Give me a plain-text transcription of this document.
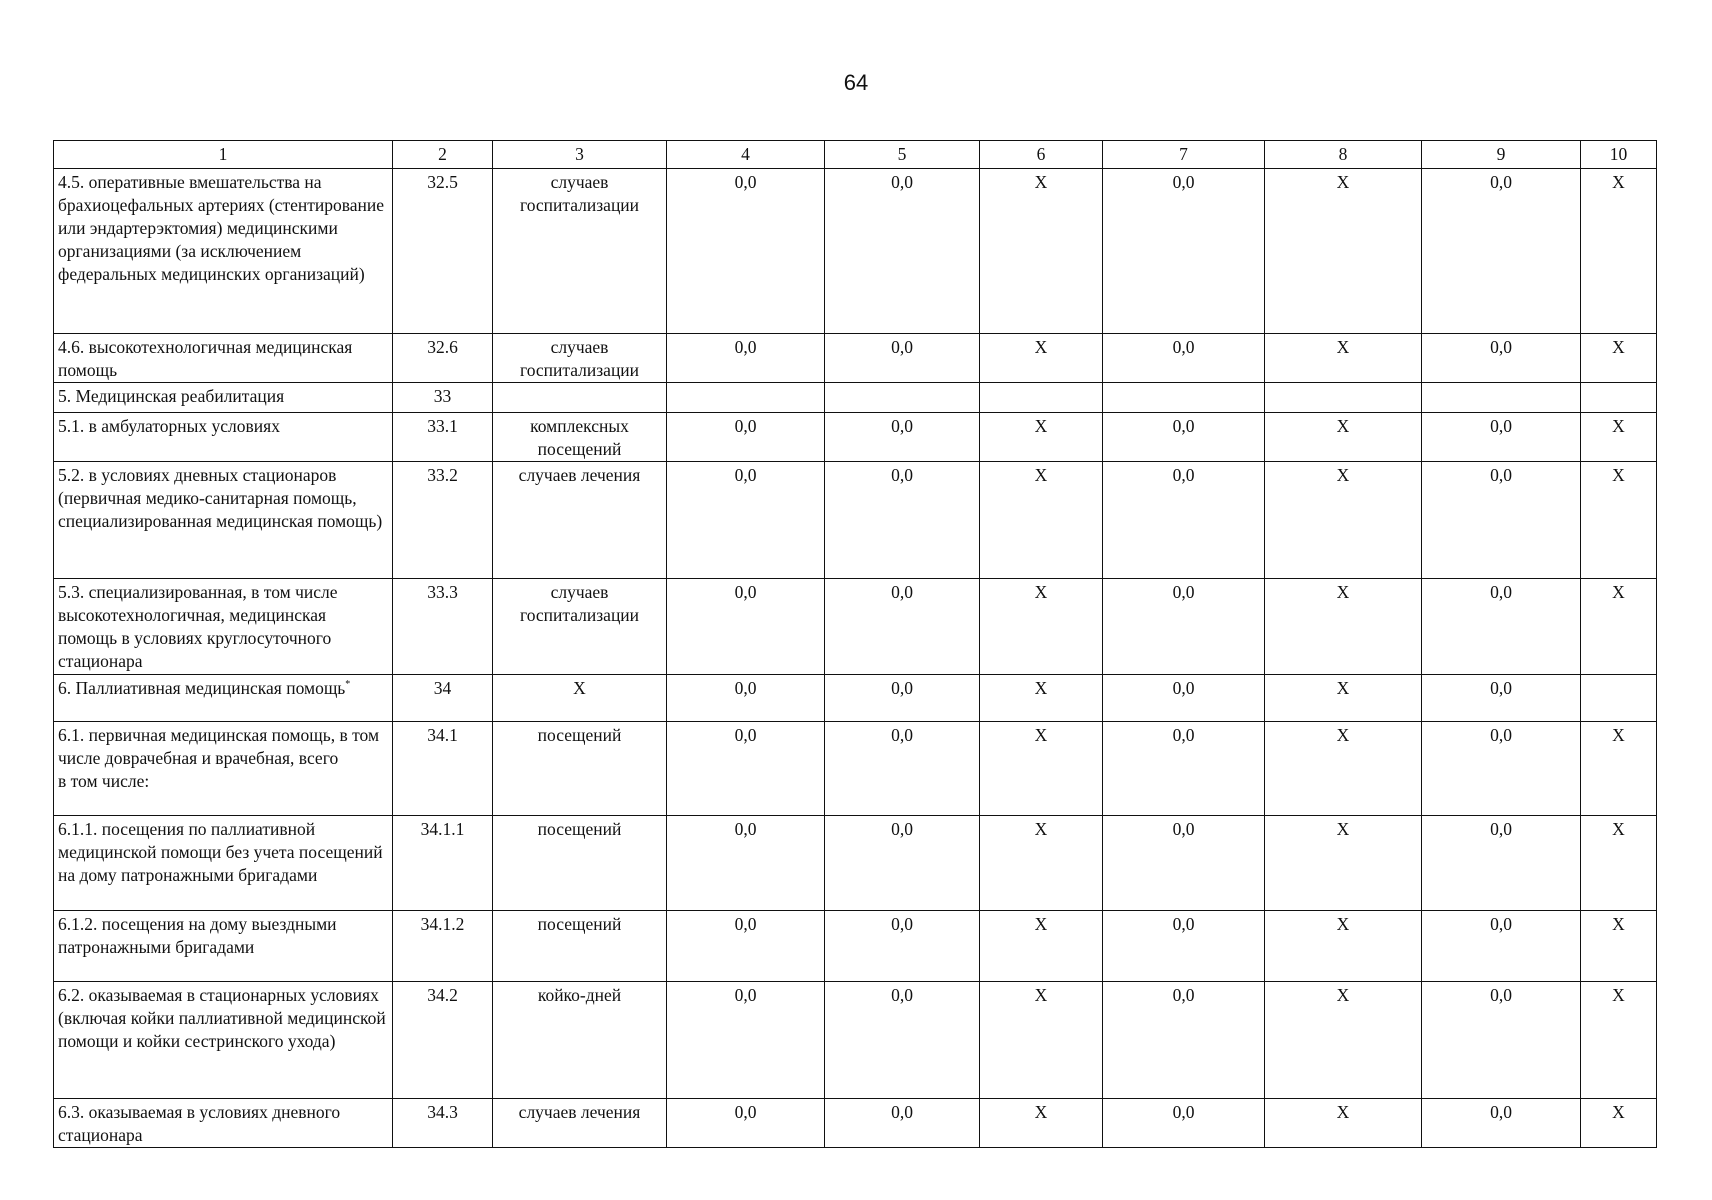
64
1	2	3	4	5	6	7	8	9	10
4.5. оперативные вмешательства на брахиоцефальных артериях (стентирование или эндартерэктомия) медицинскими организациями (за исключением федеральных медицинских организаций)	32.5	случаев госпитализации	0,0	0,0	X	0,0	X	0,0	X
4.6. высокотехнологичная медицинская помощь	32.6	случаев госпитализации	0,0	0,0	X	0,0	X	0,0	X
5. Медицинская реабилитация	33								
5.1. в амбулаторных условиях	33.1	комплексных посещений	0,0	0,0	X	0,0	X	0,0	X
5.2. в условиях дневных стационаров (первичная медико-санитарная помощь, специализированная медицинская помощь)	33.2	случаев лечения	0,0	0,0	X	0,0	X	0,0	X
5.3. специализированная, в том числе высокотехнологичная, медицинская помощь в условиях круглосуточного стационара	33.3	случаев госпитализации	0,0	0,0	X	0,0	X	0,0	X
6. Паллиативная медицинская помощь*	34	X	0,0	0,0	X	0,0	X	0,0	
6.1. первичная медицинская помощь, в том числе доврачебная и врачебная, всего
в том числе:	34.1	посещений	0,0	0,0	X	0,0	X	0,0	X
6.1.1. посещения по паллиативной медицинской помощи без учета посещений на дому патронажными бригадами	34.1.1	посещений	0,0	0,0	X	0,0	X	0,0	X
6.1.2. посещения на дому выездными патронажными бригадами	34.1.2	посещений	0,0	0,0	X	0,0	X	0,0	X
6.2. оказываемая в стационарных условиях (включая койки паллиативной медицинской помощи и койки сестринского ухода)	34.2	койко-дней	0,0	0,0	X	0,0	X	0,0	X
6.3. оказываемая в условиях дневного стационара	34.3	случаев лечения	0,0	0,0	X	0,0	X	0,0	X
